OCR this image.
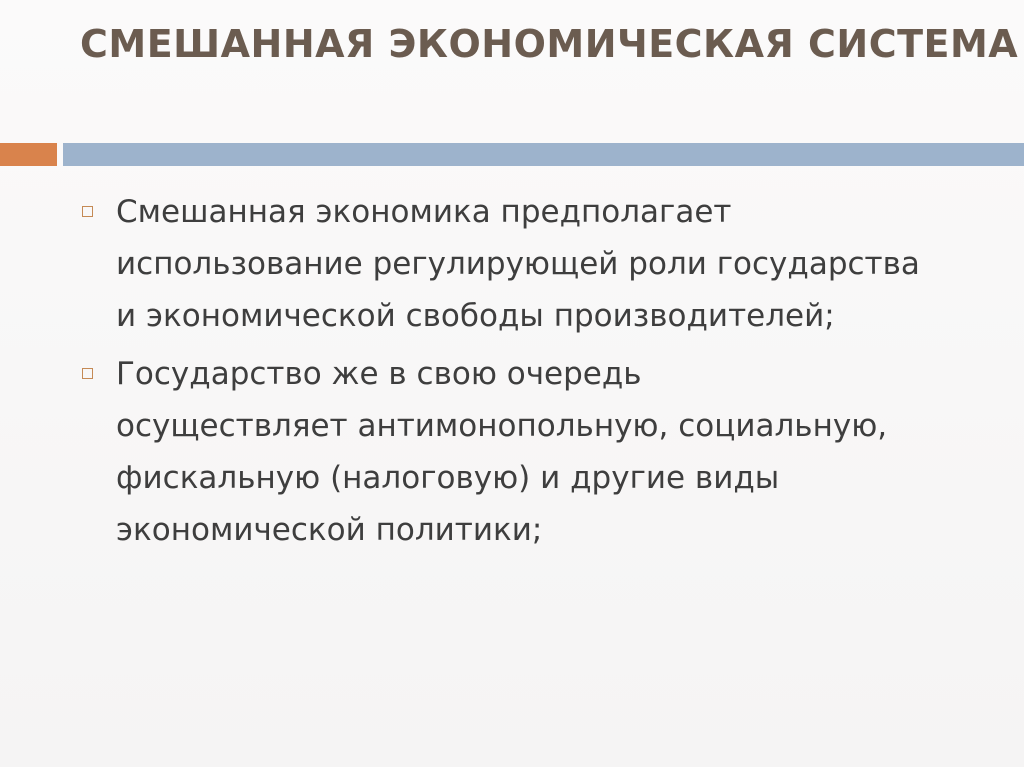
СМЕШАННАЯ ЭКОНОМИЧЕСКАЯ СИСТЕМА
Смешанная экономика предполагает
использование регулирующей роли государства
и экономической свободы производителей;
Государство же в свою очередь
осуществляет антимонопольную, социальную,
фискальную (налоговую) и другие виды
экономической политики;
